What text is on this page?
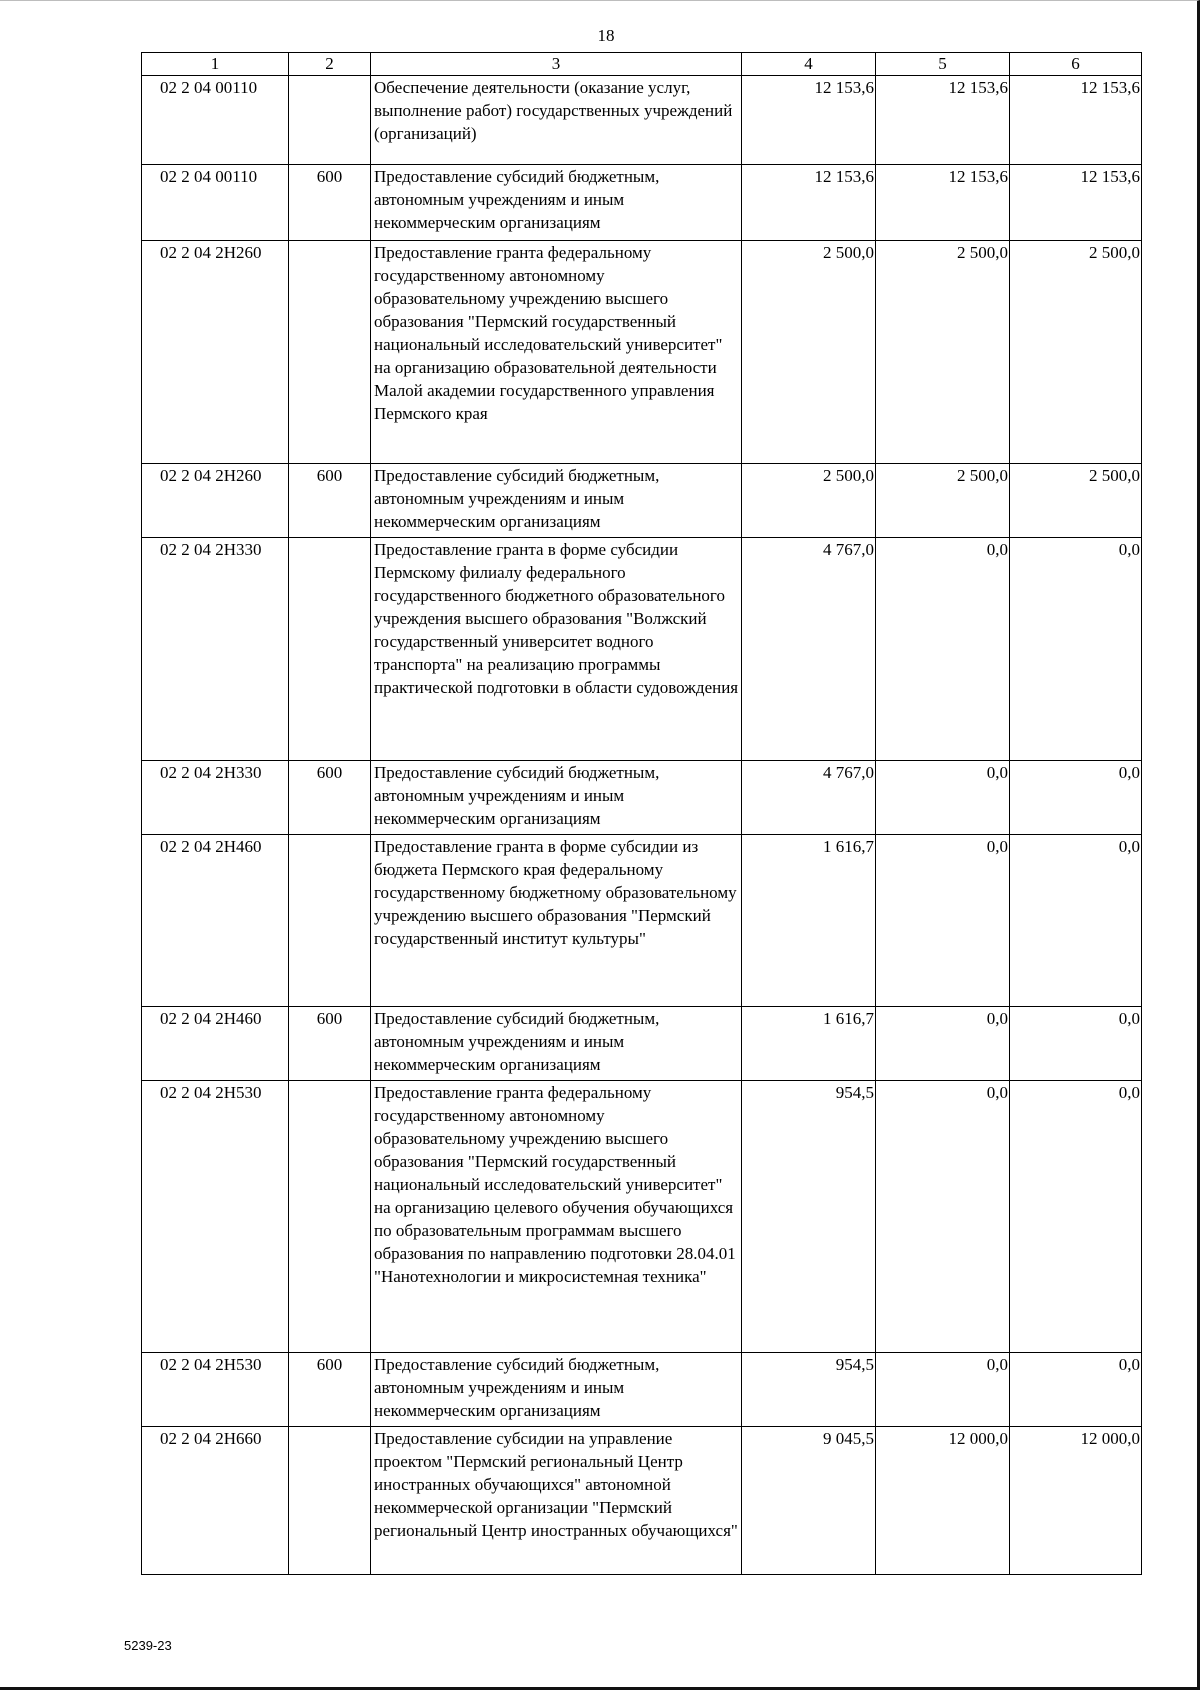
18
1	2	3	4	5	6
02 2 04 00110		Обеспечение деятельности (оказание услуг, выполнение работ) государственных учреждений (организаций)	12 153,6	12 153,6	12 153,6
02 2 04 00110	600	Предоставление субсидий бюджетным, автономным учреждениям и иным некоммерческим организациям	12 153,6	12 153,6	12 153,6
02 2 04 2Н260		Предоставление гранта федеральному государственному автономному образовательному учреждению высшего образования "Пермский государственный национальный исследовательский университет" на организацию образовательной деятельности Малой академии государственного управления Пермского края	2 500,0	2 500,0	2 500,0
02 2 04 2Н260	600	Предоставление субсидий бюджетным, автономным учреждениям и иным некоммерческим организациям	2 500,0	2 500,0	2 500,0
02 2 04 2Н330		Предоставление гранта в форме субсидии Пермскому филиалу федерального государственного бюджетного образовательного учреждения высшего образования "Волжский государственный университет водного транспорта" на реализацию программы практической подготовки в области судовождения	4 767,0	0,0	0,0
02 2 04 2Н330	600	Предоставление субсидий бюджетным, автономным учреждениям и иным некоммерческим организациям	4 767,0	0,0	0,0
02 2 04 2Н460		Предоставление гранта в форме субсидии из бюджета Пермского края федеральному государственному бюджетному образовательному учреждению высшего образования "Пермский государственный институт культуры"	1 616,7	0,0	0,0
02 2 04 2Н460	600	Предоставление субсидий бюджетным, автономным учреждениям и иным некоммерческим организациям	1 616,7	0,0	0,0
02 2 04 2Н530		Предоставление гранта федеральному государственному автономному образовательному учреждению высшего образования "Пермский государственный национальный исследовательский университет" на организацию целевого обучения обучающихся по образовательным программам высшего образования по направлению подготовки 28.04.01 "Нанотехнологии и микросистемная техника"	954,5	0,0	0,0
02 2 04 2Н530	600	Предоставление субсидий бюджетным, автономным учреждениям и иным некоммерческим организациям	954,5	0,0	0,0
02 2 04 2Н660		Предоставление субсидии на управление проектом "Пермский региональный Центр иностранных обучающихся" автономной некоммерческой организации "Пермский региональный Центр иностранных обучающихся"	9 045,5	12 000,0	12 000,0
5239-23
